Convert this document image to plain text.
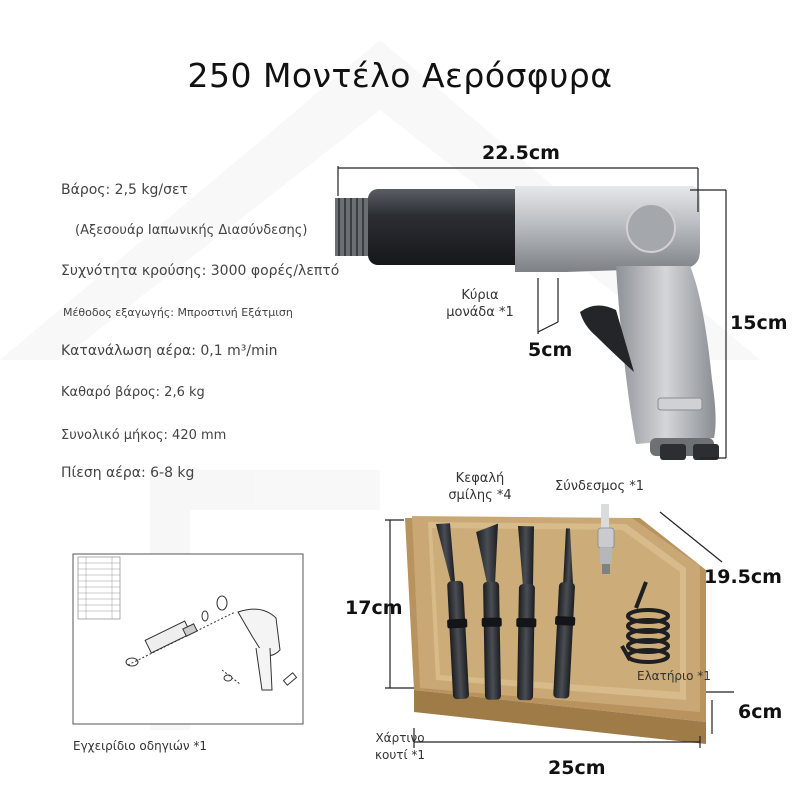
250 Μοντέλο Αερόσφυρα
Βάρος: 2,5 kg/σετ
(Αξεσουάρ Ιαπωνικής Διασύνδεσης)
Συχνότητα κρούσης: 3000 φορές/λεπτό
Μέθοδος εξαγωγής: Μπροστινή Εξάτμιση
Κατανάλωση αέρα: 0,1 m³/min
Καθαρό βάρος: 2,6 kg
Συνολικό μήκος: 420 mm
Πίεση αέρα: 6-8 kg
22.5cm
15cm
5cm
19.5cm
17cm
6cm
25cm
Κύρια
μονάδα *1
Κεφαλή
σμίλης *4
Σύνδεσμος *1
Ελατήριο *1
Χάρτινο
κουτί *1
Εγχειρίδιο οδηγιών *1
